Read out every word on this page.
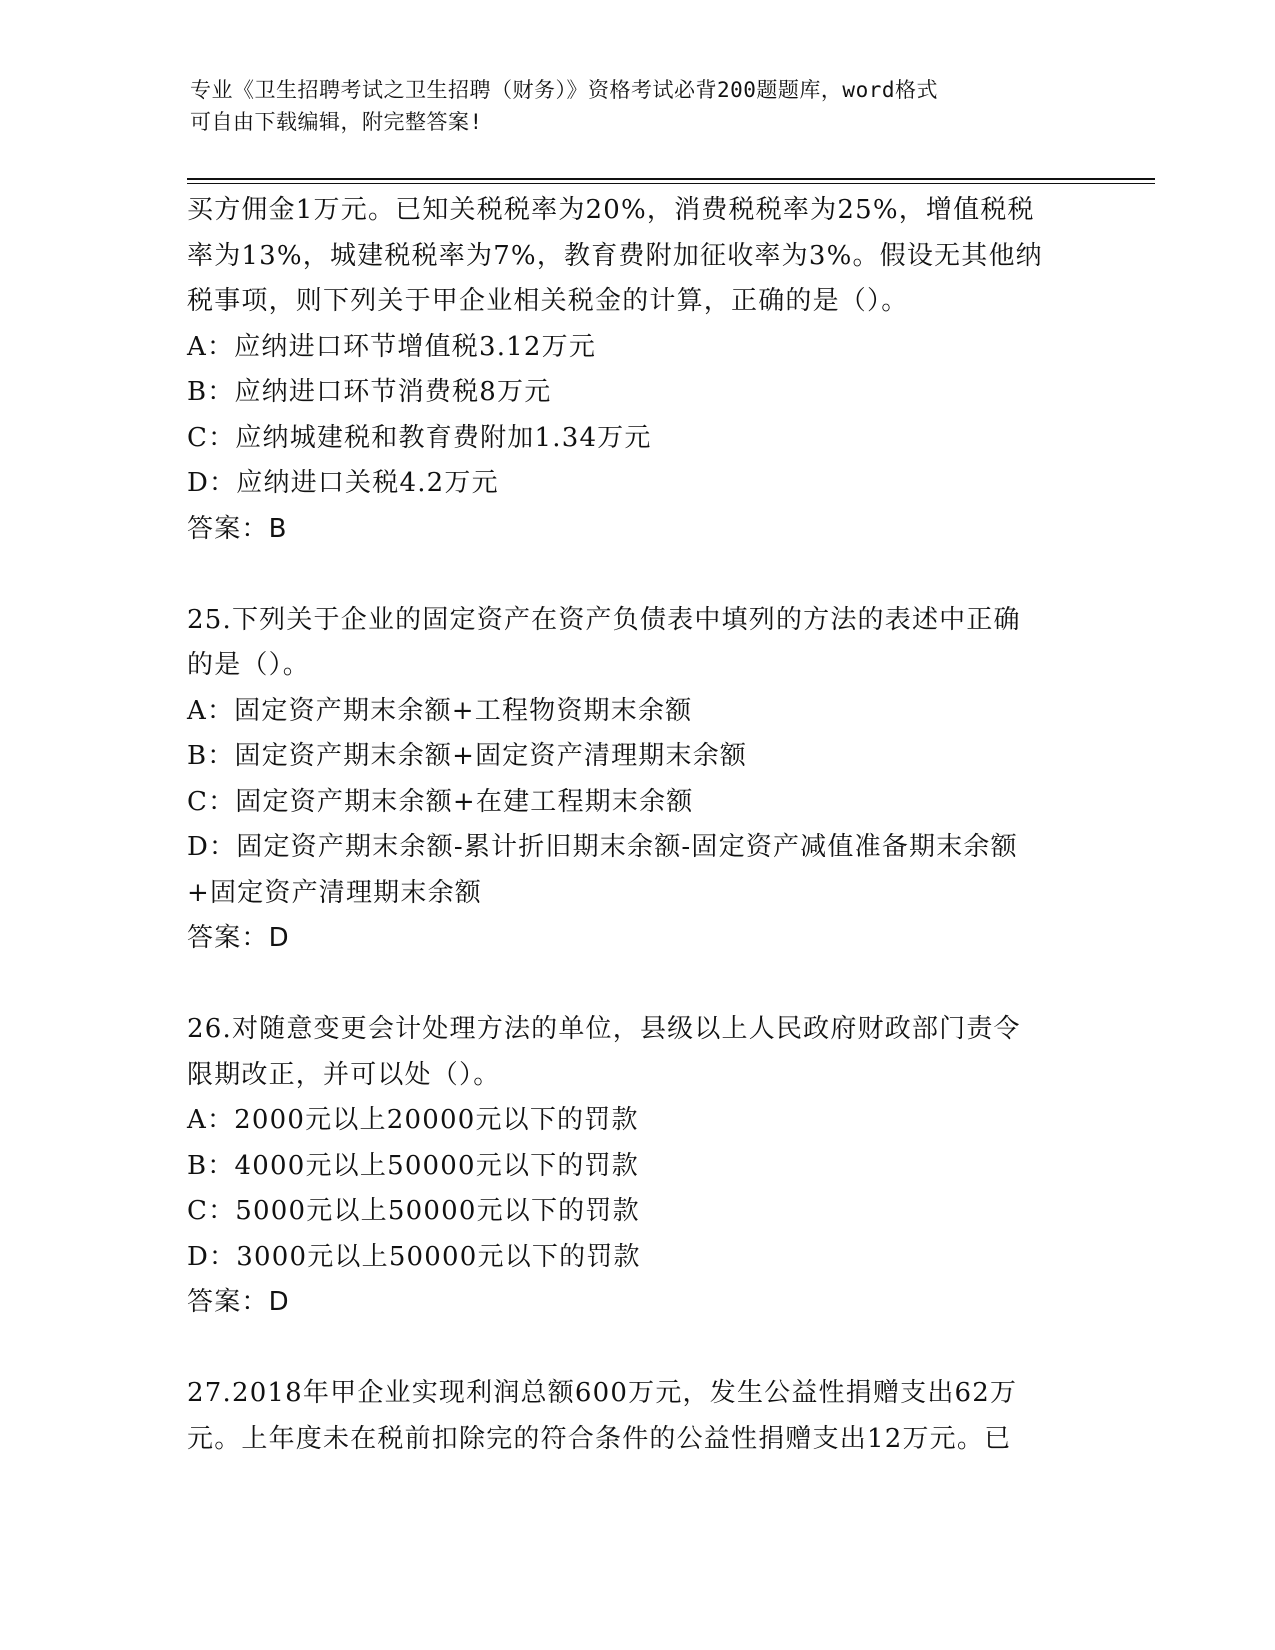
专业《卫生招聘考试之卫生招聘（财务）》资格考试必背200题题库，word格式
可自由下载编辑，附完整答案!
买方佣金1万元。已知关税税率为20%，消费税税率为25%，增值税税
率为13%，城建税税率为7%，教育费附加征收率为3%。假设无其他纳
税事项，则下列关于甲企业相关税金的计算，正确的是（）。
A：应纳进口环节增值税3.12万元
B：应纳进口环节消费税8万元
C：应纳城建税和教育费附加1.34万元
D：应纳进口关税4.2万元
答案：B
25.下列关于企业的固定资产在资产负债表中填列的方法的表述中正确
的是（）。
A：固定资产期末余额+工程物资期末余额
B：固定资产期末余额+固定资产清理期末余额
C：固定资产期末余额+在建工程期末余额
D：固定资产期末余额-累计折旧期末余额-固定资产减值准备期末余额
+固定资产清理期末余额
答案：D
26.对随意变更会计处理方法的单位，县级以上人民政府财政部门责令
限期改正，并可以处（）。
A：2000元以上20000元以下的罚款
B：4000元以上50000元以下的罚款
C：5000元以上50000元以下的罚款
D：3000元以上50000元以下的罚款
答案：D
27.2018年甲企业实现利润总额600万元，发生公益性捐赠支出62万
元。上年度未在税前扣除完的符合条件的公益性捐赠支出12万元。已
